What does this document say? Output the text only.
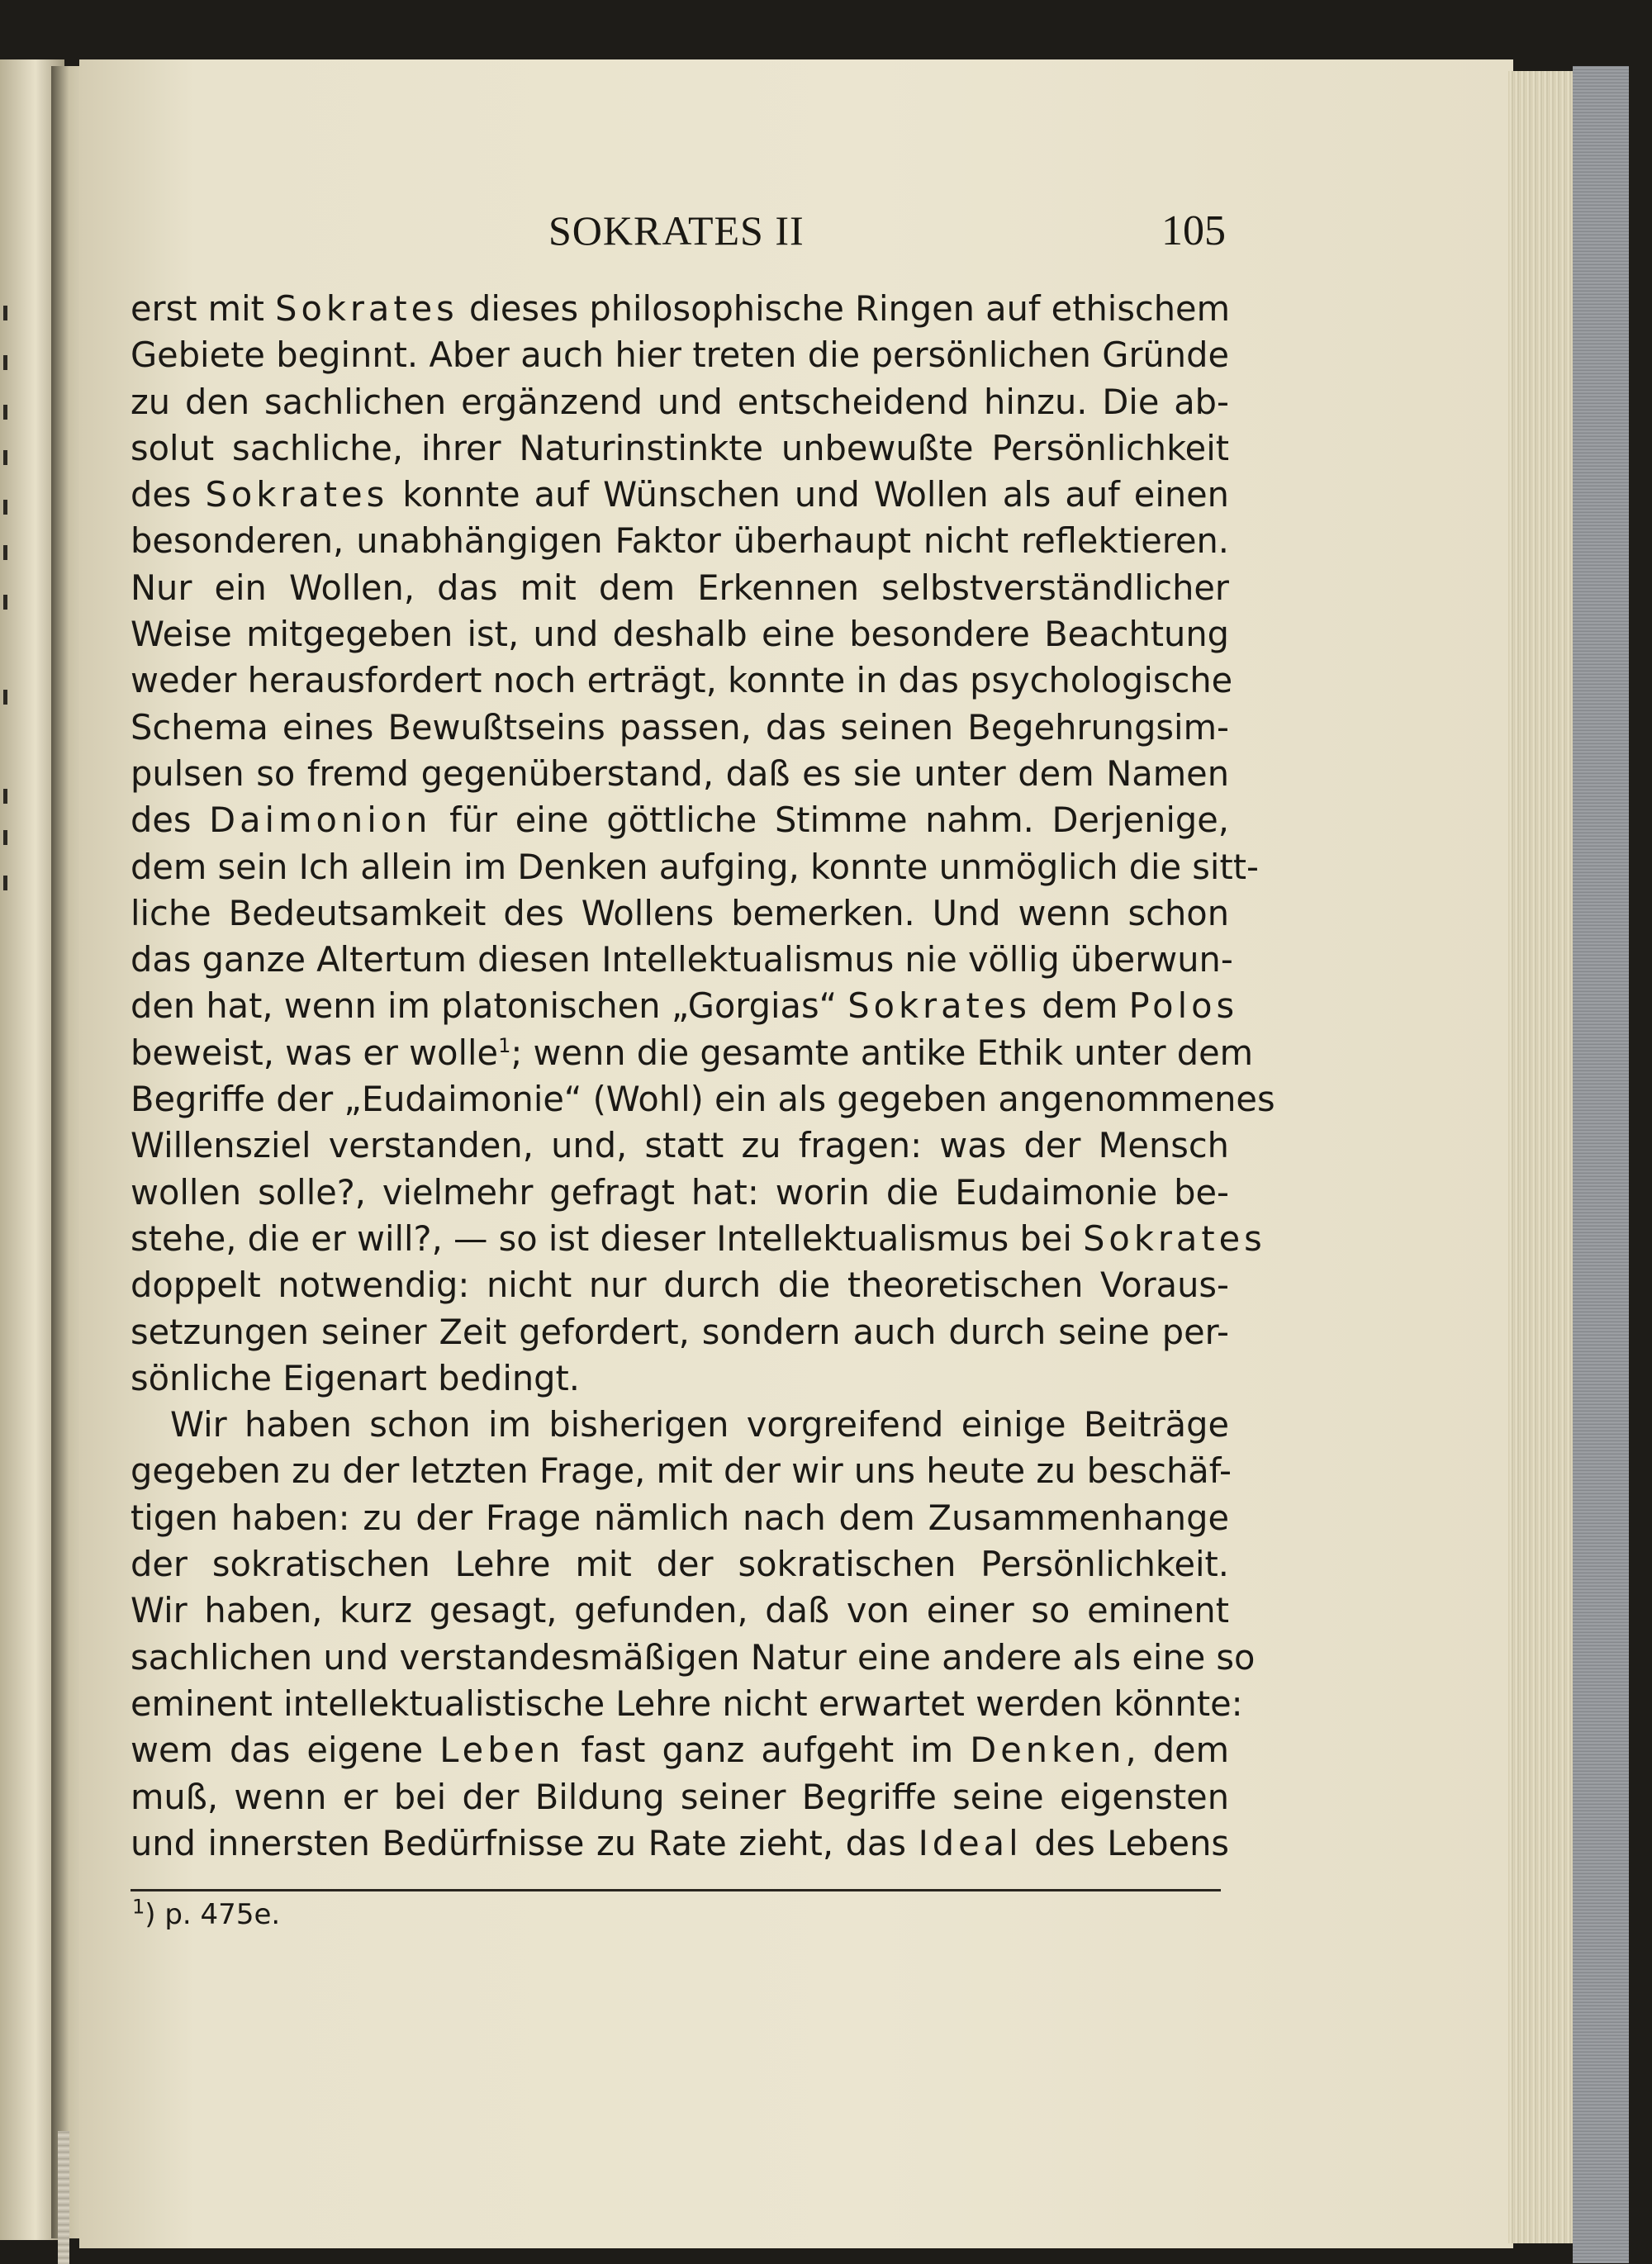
SOKRATES II	105
erst mit Sokrates dieses philosophische Ringen auf ethischem
Gebiete beginnt. Aber auch hier treten die persönlichen Gründe
zu den sachlichen ergänzend und entscheidend hinzu. Die ab-
solut sachliche, ihrer Naturinstinkte unbewußte Persönlichkeit
des Sokrates konnte auf Wünschen und Wollen als auf einen
besonderen, unabhängigen Faktor überhaupt nicht reflektieren.
Nur ein Wollen, das mit dem Erkennen selbstverständlicher
Weise mitgegeben ist, und deshalb eine besondere Beachtung
weder herausfordert noch erträgt, konnte in das psychologische
Schema eines Bewußtseins passen, das seinen Begehrungsim-
pulsen so fremd gegenüberstand, daß es sie unter dem Namen
des Daimonion für eine göttliche Stimme nahm. Derjenige,
dem sein Ich allein im Denken aufging, konnte unmöglich die sitt-
liche Bedeutsamkeit des Wollens bemerken. Und wenn schon
das ganze Altertum diesen Intellektualismus nie völlig überwun-
den hat, wenn im platonischen „Gorgias“ Sokrates dem Polos
beweist, was er wolle$^1$; wenn die gesamte antike Ethik unter dem
Begriffe der „Eudaimonie“ (Wohl) ein als gegeben angenommenes
Willensziel verstanden, und, statt zu fragen: was der Mensch
wollen solle?, vielmehr gefragt hat: worin die Eudaimonie be-
stehe, die er will?, — so ist dieser Intellektualismus bei Sokrates
doppelt notwendig: nicht nur durch die theoretischen Voraus-
setzungen seiner Zeit gefordert, sondern auch durch seine per-
sönliche Eigenart bedingt.
Wir haben schon im bisherigen vorgreifend einige Beiträge
gegeben zu der letzten Frage, mit der wir uns heute zu beschäf-
tigen haben: zu der Frage nämlich nach dem Zusammenhange
der sokratischen Lehre mit der sokratischen Persönlichkeit.
Wir haben, kurz gesagt, gefunden, daß von einer so eminent
sachlichen und verstandesmäßigen Natur eine andere als eine so
eminent intellektualistische Lehre nicht erwartet werden könnte:
wem das eigene Leben fast ganz aufgeht im Denken, dem
muß, wenn er bei der Bildung seiner Begriffe seine eigensten
und innersten Bedürfnisse zu Rate zieht, das Ideal des Lebens
$^1$) p. 475e.
